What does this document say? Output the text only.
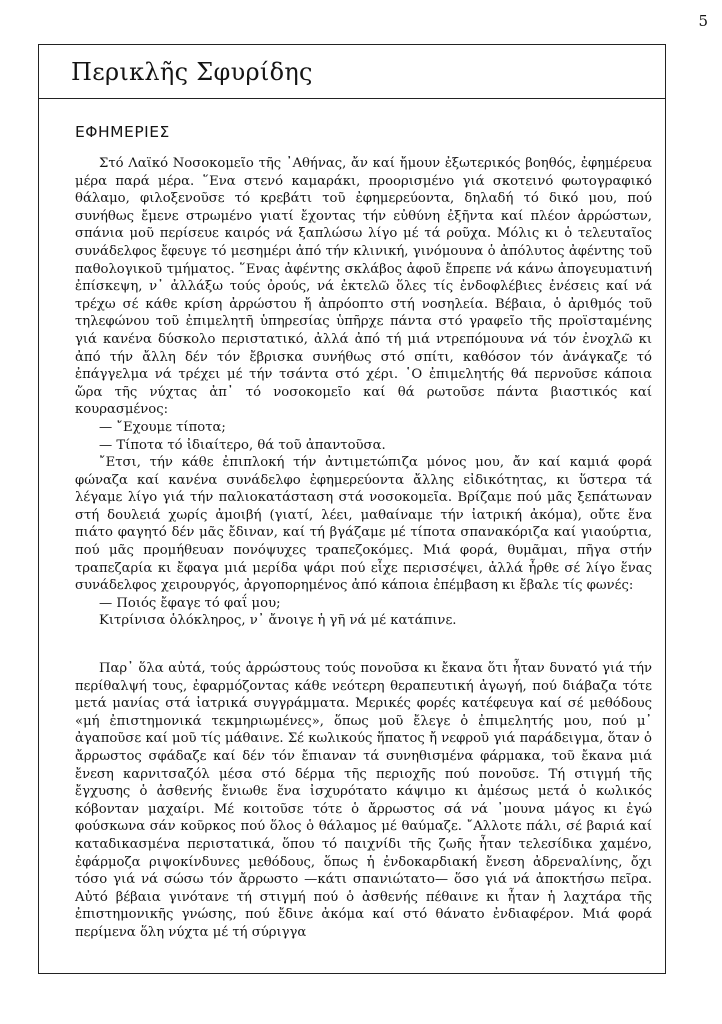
5
Περικλῆς Σφυρίδης
ΕΦΗΜΕΡΙΕΣ

Στό Λαϊκό Νοσοκομεῖο τῆς ᾿Αθήνας, ἄν καί ἤμουν ἐξωτερικός βοηθός, ἐφημέρευα μέρα παρά μέρα. ῞Ενα στενό καμαράκι, προορισμένο γιά σκοτεινό φωτογραφικό θάλαμο, φιλοξενοῦσε τό κρεβάτι τοῦ ἐφημερεύοντα, δηλαδή τό δικό μου, πού συνήθως ἔμενε στρωμένο γιατί ἔχοντας τήν εὐθύνη ἐξῆντα καί πλέον ἀρρώστων, σπάνια μοῦ περίσευε καιρός νά ξαπλώσω λίγο μέ τά ροῦχα. Μόλις κι ὁ τελευταῖος συνάδελφος ἔφευγε τό μεσημέρι ἀπό τήν κλινική, γινόμουνα ὁ ἀπόλυτος ἀφέντης τοῦ παθολογικοῦ τμήματος. ῞Ενας ἀφέντης σκλάβος ἀφοῦ ἔπρεπε νά κάνω ἀπογευματινή ἐπίσκεψη, ν᾿ ἀλλάξω τούς ὀρούς, νά ἐκτελῶ ὅλες τίς ἐνδοφλέβιες ἐνέσεις καί νά τρέχω σέ κάθε κρίση ἀρρώστου ἤ ἀπρόοπτο στή νοσηλεία. Βέβαια, ὁ ἀριθμός τοῦ τηλεφώνου τοῦ ἐπιμελητῆ ὑπηρεσίας ὑπῆρχε πάντα στό γραφεῖο τῆς προϊσταμένης γιά κανένα δύσκολο περιστατικό, ἀλλά ἀπό τή μιά ντρεπόμουνα νά τόν ἐνοχλῶ κι ἀπό τήν ἄλλη δέν τόν ἔβρισκα συνήθως στό σπίτι, καθόσον τόν ἀνάγκαζε τό ἐπάγγελμα νά τρέχει μέ τήν τσάντα στό χέρι. ῾Ο ἐπιμελητής θά περνοῦσε κάποια ὥρα τῆς νύχτας ἀπ᾿ τό νοσοκομεῖο καί θά ρωτοῦσε πάντα βιαστικός καί κουρασμένος:

— ῎Εχουμε τίποτα;

— Τίποτα τό ἰδιαίτερο, θά τοῦ ἀπαντοῦσα.

῎Ετσι, τήν κάθε ἐπιπλοκή τήν ἀντιμετώπιζα μόνος μου, ἄν καί καμιά φορά φώναζα καί κανένα συνάδελφο ἐφημερεύοντα ἄλλης εἰδικότητας, κι ὕστερα τά λέγαμε λίγο γιά τήν παλιοκατάσταση στά νοσοκομεῖα. Βρίζαμε πού μᾶς ξεπάτωναν στή δουλειά χωρίς ἀμοιβή (γιατί, λέει, μαθαίναμε τήν ἰατρική ἀκόμα), οὔτε ἕνα πιάτο φαγητό δέν μᾶς ἔδιναν, καί τή βγάζαμε μέ τίποτα σπανακόριζα καί γιαούρτια, πού μᾶς προμήθευαν πονόψυχες τραπεζοκόμες. Μιά φορά, θυμᾶμαι, πῆγα στήν τραπεζαρία κι ἔφαγα μιά μερίδα ψάρι πού εἶχε περισσέψει, ἀλλά ἦρθε σέ λίγο ἕνας συνάδελφος χειρουργός, ἀργοπορημένος ἀπό κάποια ἐπέμβαση κι ἔβαλε τίς φωνές:

— Ποιός ἔφαγε τό φαΐ μου;

Κιτρίνισα ὁλόκληρος, ν᾿ ἄνοιγε ἡ γῆ νά μέ κατάπινε.

Παρ᾿ ὅλα αὐτά, τούς ἀρρώστους τούς πονοῦσα κι ἔκανα ὅτι ἦταν δυνατό γιά τήν περίθαλψή τους, ἐφαρμόζοντας κάθε νεότερη θεραπευτική ἀγωγή, πού διάβαζα τότε μετά μανίας στά ἰατρικά συγγράμματα. Μερικές φορές κατέφευγα καί σέ μεθόδους «μή ἐπιστημονικά τεκμηριωμένες», ὅπως μοῦ ἔλεγε ὁ ἐπιμελητής μου, πού μ᾿ ἀγαποῦσε καί μοῦ τίς μάθαινε. Σέ κωλικούς ἥπατος ἤ νεφροῦ γιά παράδειγμα, ὅταν ὁ ἄρρωστος σφάδαζε καί δέν τόν ἔπιαναν τά συνηθισμένα φάρμακα, τοῦ ἔκανα μιά ἔνεση καρνιτσαζόλ μέσα στό δέρμα τῆς περιοχῆς πού πονοῦσε. Τή στιγμή τῆς ἔγχυσης ὁ ἀσθενής ἔνιωθε ἕνα ἰσχυρότατο κάψιμο κι ἀμέσως μετά ὁ κωλικός κόβονταν μαχαίρι. Μέ κοιτοῦσε τότε ὁ ἄρρωστος σά νά ᾿μουνα μάγος κι ἐγώ φούσκωνα σάν κοῦρκος πού ὅλος ὁ θάλαμος μέ θαύμαζε. ῎Αλλοτε πάλι, σέ βαριά καί καταδικασμένα περιστατικά, ὅπου τό παιχνίδι τῆς ζωῆς ἦταν τελεσίδικα χαμένο, ἐφάρμοζα ριψοκίνδυνες μεθόδους, ὅπως ἡ ἐνδοκαρδιακή ἔνεση ἀδρεναλίνης, ὄχι τόσο γιά νά σώσω τόν ἄρρωστο —κάτι σπανιώτατο— ὅσο γιά νά ἀποκτήσω πεῖρα. Αὐτό βέβαια γινότανε τή στιγμή πού ὁ ἀσθενής πέθαινε κι ἦταν ἡ λαχτάρα τῆς ἐπιστημονικῆς γνώσης, πού ἔδινε ἀκόμα καί στό θάνατο ἐνδιαφέρον. Μιά φορά περίμενα ὅλη νύχτα μέ τή σύριγγα
